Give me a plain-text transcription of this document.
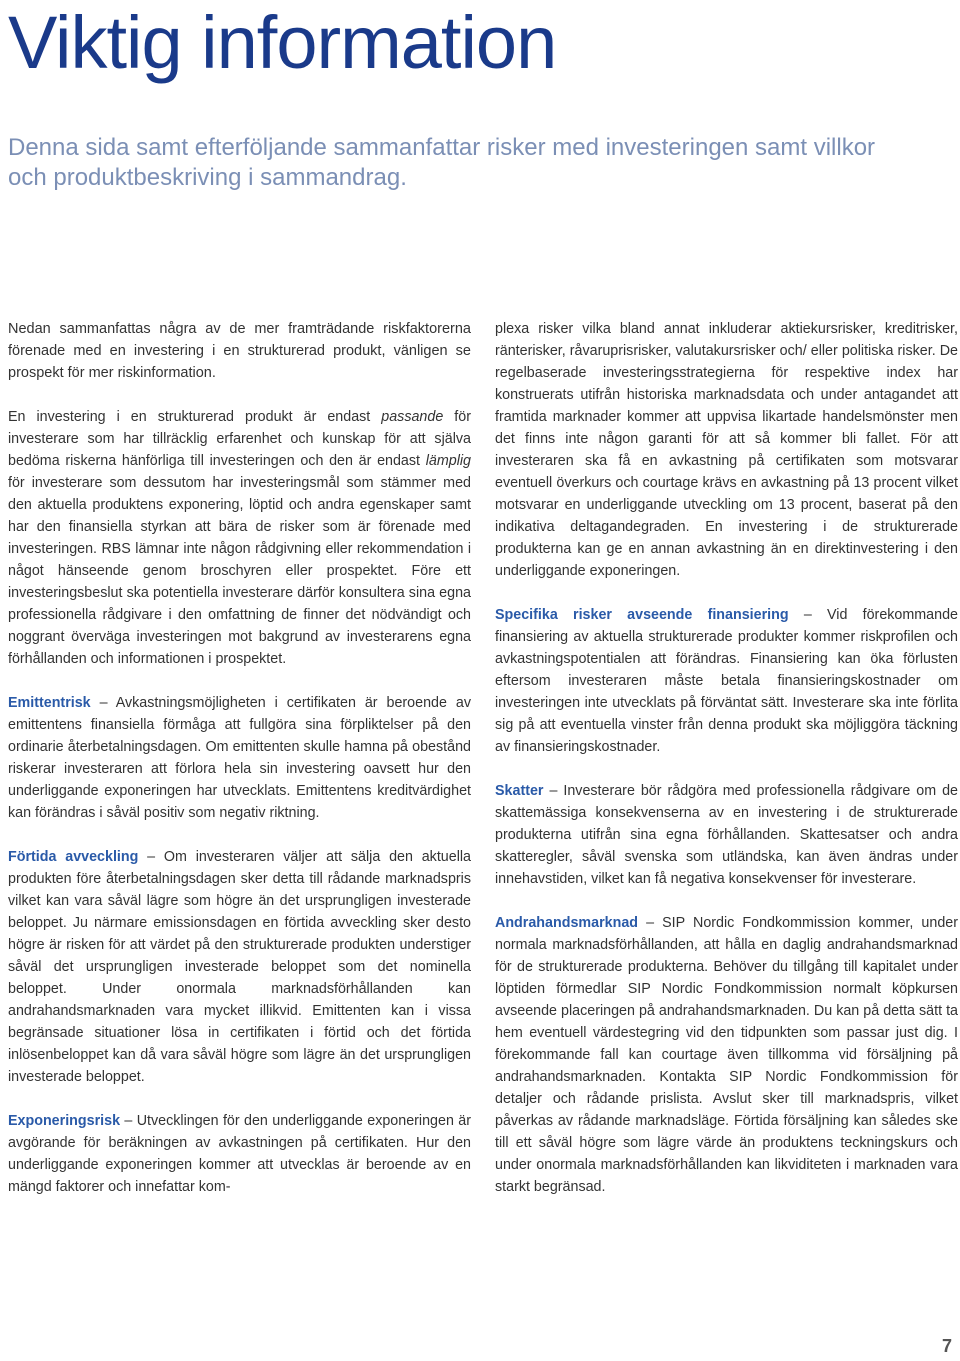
Viktig information
Denna sida samt efterföljande sammanfattar risker med investeringen samt villkor och produktbeskriving i sammandrag.

Nedan sammanfattas några av de mer framträdande riskfaktorerna förenade med en investering i en strukturerad produkt, vänligen se prospekt för mer riskinformation.

En investering i en strukturerad produkt är endast passande för investerare som har tillräcklig erfarenhet och kunskap för att själva bedöma riskerna hänförliga till investeringen och den är endast lämplig för investerare som dessutom har investeringsmål som stämmer med den aktuella produktens exponering, löptid och andra egenskaper samt har den finansiella styrkan att bära de risker som är förenade med investeringen. RBS lämnar inte någon rådgivning eller rekommendation i något hänseende genom broschyren eller prospektet. Före ett investeringsbeslut ska potentiella investerare därför konsultera sina egna professionella rådgivare i den omfattning de finner det nödvändigt och noggrant överväga investeringen mot bakgrund av investerarens egna förhållanden och informationen i prospektet.

Emittentrisk – Avkastningsmöjligheten i certifikaten är beroende av emittentens finansiella förmåga att fullgöra sina förpliktelser på den ordinarie återbetalningsdagen. Om emittenten skulle hamna på obestånd riskerar investeraren att förlora hela sin investering oavsett hur den underliggande exponeringen har utvecklats. Emittentens kreditvärdighet kan förändras i såväl positiv som negativ riktning.

Förtida avveckling – Om investeraren väljer att sälja den aktuella produkten före återbetalningsdagen sker detta till rådande marknadspris vilket kan vara såväl lägre som högre än det ursprungligen investerade beloppet. Ju närmare emissionsdagen en förtida avveckling sker desto högre är risken för att värdet på den strukturerade produkten understiger såväl det ursprungligen investerade beloppet som det nominella beloppet. Under onormala marknadsförhållanden kan andrahandsmarknaden vara mycket illikvid. Emittenten kan i vissa begränsade situationer lösa in certifikaten i förtid och det förtida inlösenbeloppet kan då vara såväl högre som lägre än det ursprungligen investerade beloppet.

Exponeringsrisk – Utvecklingen för den underliggande exponeringen är avgörande för beräkningen av avkastningen på certifikaten. Hur den underliggande exponeringen kommer att utvecklas är beroende av en mängd faktorer och innefattar kom-

plexa risker vilka bland annat inkluderar aktiekursrisker, kreditrisker, ränterisker, råvaruprisrisker, valutakursrisker och/ eller politiska risker. De regelbaserade investeringsstrategierna för respektive index har konstruerats utifrån historiska marknadsdata och under antagandet att framtida marknader kommer att uppvisa likartade handelsmönster men det finns inte någon garanti för att så kommer bli fallet. För att investeraren ska få en avkastning på certifikaten som motsvarar eventuell överkurs och courtage krävs en avkastning på 13 procent vilket motsvarar en underliggande utveckling om 13 procent, baserat på den indikativa deltagandegraden. En investering i de strukturerade produkterna kan ge en annan avkastning än en direktinvestering i den underliggande exponeringen.

Specifika risker avseende finansiering – Vid förekommande finansiering av aktuella strukturerade produkter kommer riskprofilen och avkastningspotentialen att förändras. Finansiering kan öka förlusten eftersom investeraren måste betala finansieringskostnader om investeringen inte utvecklats på förväntat sätt. Investerare ska inte förlita sig på att eventuella vinster från denna produkt ska möjliggöra täckning av finansieringskostnader.

Skatter – Investerare bör rådgöra med professionella rådgivare om de skattemässiga konsekvenserna av en investering i de strukturerade produkterna utifrån sina egna förhållanden. Skattesatser och andra skatteregler, såväl svenska som utländska, kan även ändras under innehavstiden, vilket kan få negativa konsekvenser för investerare.

Andrahandsmarknad – SIP Nordic Fondkommission kommer, under normala marknadsförhållanden, att hålla en daglig andrahandsmarknad för de strukturerade produkterna. Behöver du tillgång till kapitalet under löptiden förmedlar SIP Nordic Fondkommission normalt köpkursen avseende placeringen på andrahandsmarknaden. Du kan på detta sätt ta hem eventuell värdestegring vid den tidpunkten som passar just dig. I förekommande fall kan courtage även tillkomma vid försäljning på andrahandsmarknaden. Kontakta SIP Nordic Fondkommission för detaljer och rådande prislista. Avslut sker till marknadspris, vilket påverkas av rådande marknadsläge. Förtida försäljning kan således ske till ett såväl högre som lägre värde än produktens teckningskurs och under onormala marknadsförhållanden kan likviditeten i marknaden vara starkt begränsad.

7
